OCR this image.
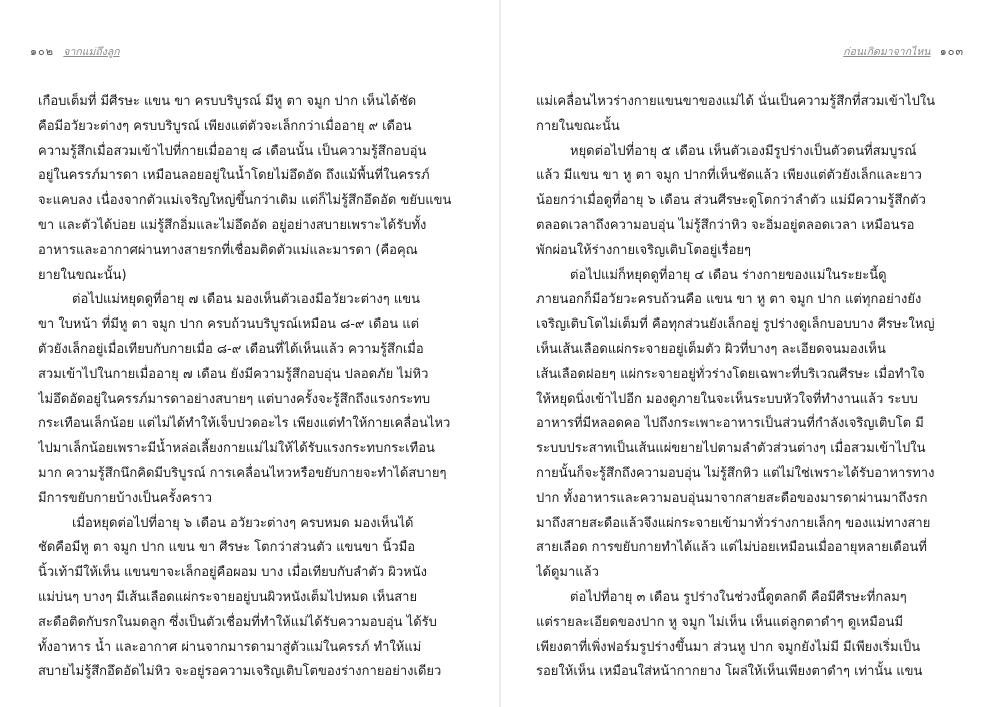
๑๐๒ จากแม่ถึงลูก
เกือบเต็มที่ มีศีรษะ แขน ขา ครบบริบูรณ์ มีหู ตา จมูก ปาก เห็นได้ชัด
คือมีอวัยวะต่างๆ ครบบริบูรณ์ เพียงแต่ตัวจะเล็กกว่าเมื่ออายุ ๙ เดือน
ความรู้สึกเมื่อสวมเข้าไปที่กายเมื่ออายุ ๘ เดือนนั้น เป็นความรู้สึกอบอุ่น
อยู่ในครรภ์มารดา เหมือนลอยอยู่ในน้ำโดยไม่อึดอัด ถึงแม้พื้นที่ในครรภ์
จะแคบลง เนื่องจากตัวแม่เจริญใหญ่ขึ้นกว่าเดิม แต่ก็ไม่รู้สึกอึดอัด ขยับแขน
ขา และตัวได้บ่อย แม่รู้สึกอิ่มและไม่อึดอัด อยู่อย่างสบายเพราะได้รับทั้ง
อาหารและอากาศผ่านทางสายรกที่เชื่อมติดตัวแม่และมารดา (คือคุณ
ยายในขณะนั้น)
ต่อไปแม่หยุดดูที่อายุ ๗ เดือน มองเห็นตัวเองมีอวัยวะต่างๆ แขน
ขา ใบหน้า ที่มีหู ตา จมูก ปาก ครบถ้วนบริบูรณ์เหมือน ๘-๙ เดือน แต่
ตัวยังเล็กอยู่เมื่อเทียบกับกายเมื่อ ๘-๙ เดือนที่ได้เห็นแล้ว ความรู้สึกเมื่อ
สวมเข้าไปในกายเมื่ออายุ ๗ เดือน ยังมีความรู้สึกอบอุ่น ปลอดภัย ไม่หิว
ไม่อึดอัดอยู่ในครรภ์มารดาอย่างสบายๆ แต่บางครั้งจะรู้สึกถึงแรงกระทบ
กระเทือนเล็กน้อย แต่ไม่ได้ทำให้เจ็บปวดอะไร เพียงแต่ทำให้กายเคลื่อนไหว
ไปมาเล็กน้อยเพราะมีน้ำหล่อเลี้ยงกายแม่ไม่ให้ได้รับแรงกระทบกระเทือน
มาก ความรู้สึกนึกคิดมีบริบูรณ์ การเคลื่อนไหวหรือขยับกายจะทำได้สบายๆ
มีการขยับกายบ้างเป็นครั้งคราว
เมื่อหยุดต่อไปที่อายุ ๖ เดือน อวัยวะต่างๆ ครบหมด มองเห็นได้
ชัดคือมีหู ตา จมูก ปาก แขน ขา ศีรษะ โตกว่าส่วนตัว แขนขา นิ้วมือ
นิ้วเท้ามีให้เห็น แขนขาจะเล็กอยู่คือผอม บาง เมื่อเทียบกับลำตัว ผิวหนัง
แม่บ่นๆ บางๆ มีเส้นเลือดแผ่กระจายอยู่บนผิวหนังเต็มไปหมด เห็นสาย
สะดือติดกับรกในมดลูก ซึ่งเป็นตัวเชื่อมที่ทำให้แม่ได้รับความอบอุ่น ได้รับ
ทั้งอาหาร น้ำ และอากาศ ผ่านจากมารดามาสู่ตัวแม่ในครรภ์ ทำให้แม่
สบายไม่รู้สึกอึดอัดไม่หิว จะอยู่รอความเจริญเติบโตของร่างกายอย่างเดียว
ก่อนเกิดมาจากไหน ๑๐๓
แม่เคลื่อนไหวร่างกายแขนขาของแม่ได้ นั่นเป็นความรู้สึกที่สวมเข้าไปใน
กายในขณะนั้น
หยุดต่อไปที่อายุ ๕ เดือน เห็นตัวเองมีรูปร่างเป็นตัวตนที่สมบูรณ์
แล้ว มีแขน ขา หู ตา จมูก ปากที่เห็นชัดแล้ว เพียงแต่ตัวยังเล็กและยาว
น้อยกว่าเมื่อดูที่อายุ ๖ เดือน ส่วนศีรษะดูโตกว่าลำตัว แม่มีความรู้สึกตัว
ตลอดเวลาถึงความอบอุ่น ไม่รู้สึกว่าหิว จะอิ่มอยู่ตลอดเวลา เหมือนรอ
พักผ่อนให้ร่างกายเจริญเติบโตอยู่เรื่อยๆ
ต่อไปแม่ก็หยุดดูที่อายุ ๔ เดือน ร่างกายของแม่ในระยะนี้ดู
ภายนอกก็มีอวัยวะครบถ้วนคือ แขน ขา หู ตา จมูก ปาก แต่ทุกอย่างยัง
เจริญเติบโตไม่เต็มที่ คือทุกส่วนยังเล็กอยู่ รูปร่างดูเล็กบอบบาง ศีรษะใหญ่
เห็นเส้นเลือดแผ่กระจายอยู่เต็มตัว ผิวที่บางๆ ละเอียดจนมองเห็น
เส้นเลือดฝอยๆ แผ่กระจายอยู่ทั่วร่างโดยเฉพาะที่บริเวณศีรษะ เมื่อทำใจ
ให้หยุดนิ่งเข้าไปอีก มองดูภายในจะเห็นระบบหัวใจที่ทำงานแล้ว ระบบ
อาหารที่มีหลอดคอ ไปถึงกระเพาะอาหารเป็นส่วนที่กำลังเจริญเติบโต มี
ระบบประสาทเป็นเส้นแผ่ขยายไปตามลำตัวส่วนต่างๆ เมื่อสวมเข้าไปใน
กายนั้นก็จะรู้สึกถึงความอบอุ่น ไม่รู้สึกหิว แต่ไม่ใช่เพราะได้รับอาหารทาง
ปาก ทั้งอาหารและความอบอุ่นมาจากสายสะดือของมารดาผ่านมาถึงรก
มาถึงสายสะดือแล้วจึงแผ่กระจายเข้ามาทั่วร่างกายเล็กๆ ของแม่ทางสาย
สายเลือด การขยับกายทำได้แล้ว แต่ไม่บ่อยเหมือนเมื่ออายุหลายเดือนที่
ได้ดูมาแล้ว
ต่อไปที่อายุ ๓ เดือน รูปร่างในช่วงนี้ดูตลกดี คือมีศีรษะที่กลมๆ
แต่รายละเอียดของปาก หู จมูก ไม่เห็น เห็นแต่ลูกตาดำๆ ดูเหมือนมี
เพียงตาที่เพิ่งฟอร์มรูปร่างขึ้นมา ส่วนหู ปาก จมูกยังไม่มี มีเพียงเริ่มเป็น
รอยให้เห็น เหมือนใส่หน้ากากยาง โผล่ให้เห็นเพียงตาดำๆ เท่านั้น แขน
